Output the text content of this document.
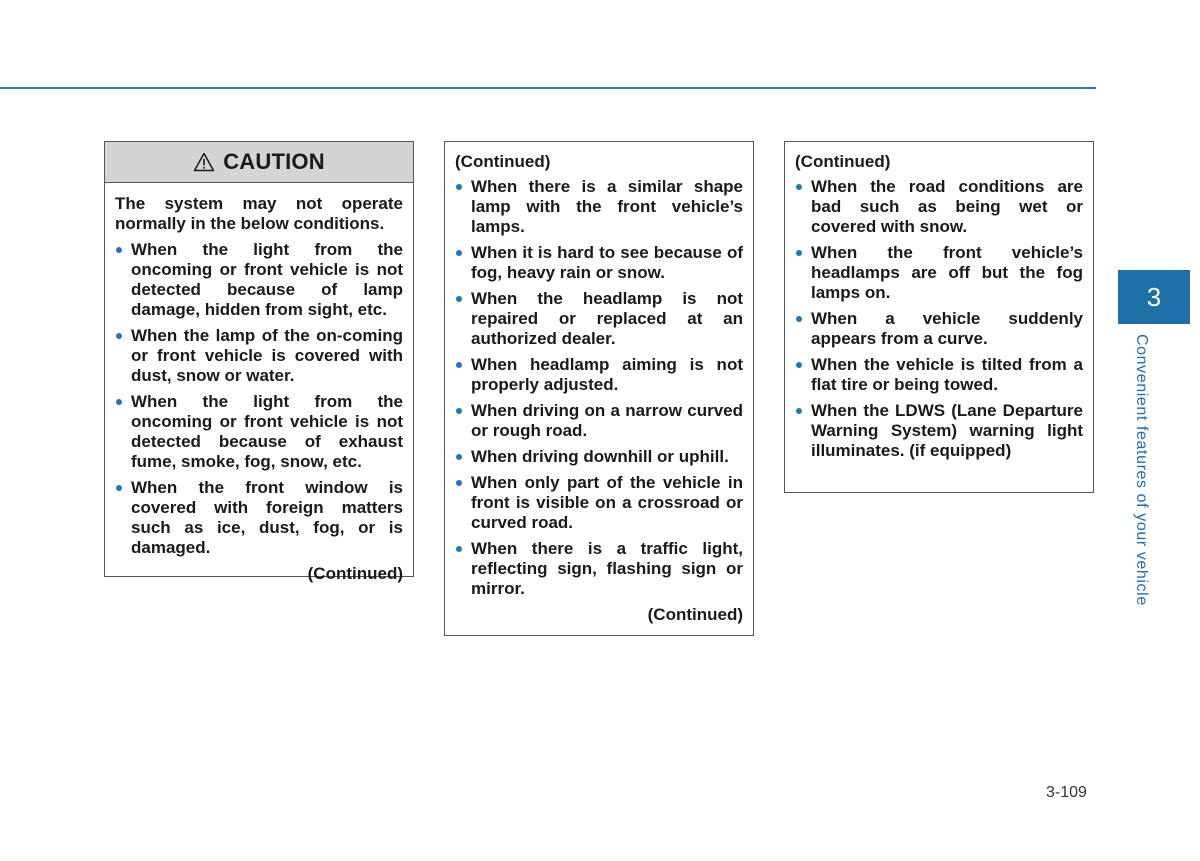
CAUTION

The system may not operate normally in the below conditions.

When the light from the oncoming or front vehicle is not detected because of lamp damage, hidden from sight, etc.
When the lamp of the on-coming or front vehicle is covered with dust, snow or water.
When the light from the oncoming or front vehicle is not detected because of exhaust fume, smoke, fog, snow, etc.
When the front window is covered with foreign matters such as ice, dust, fog, or is damaged.
(Continued)
(Continued)
When there is a similar shape lamp with the front vehicle’s lamps.
When it is hard to see because of fog, heavy rain or snow.
When the headlamp is not repaired or replaced at an authorized dealer.
When headlamp aiming is not properly adjusted.
When driving on a narrow curved or rough road.
When driving downhill or uphill.
When only part of the vehicle in front is visible on a crossroad or curved road.
When there is a traffic light, reflecting sign, flashing sign or mirror.
(Continued)
(Continued)
When the road conditions are bad such as being wet or covered with snow.
When the front vehicle’s headlamps are off but the fog lamps on.
When a vehicle suddenly appears from a curve.
When the vehicle is tilted from a flat tire or being towed.
When the LDWS (Lane Departure Warning System) warning light illuminates. (if equipped)
3
Convenient features of your vehicle
3-109
